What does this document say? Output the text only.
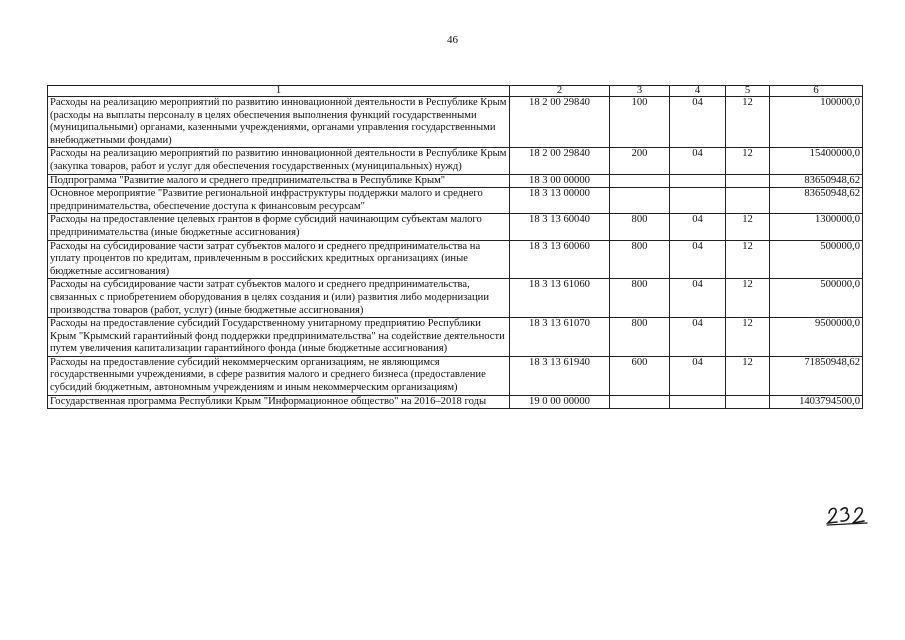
46
1	2	3	4	5	6
Расходы на реализацию мероприятий по развитию инновационной деятельности в Республике Крым (расходы на выплаты персоналу в целях обеспечения выполнения функций государственными (муниципальными) органами, казенными учреждениями, органами управления государственными внебюджетными фондами)	18 2 00 29840	100	04	12	100000,0
Расходы на реализацию мероприятий по развитию инновационной деятельности в Республике Крым (закупка товаров, работ и услуг для обеспечения государственных (муниципальных) нужд)	18 2 00 29840	200	04	12	15400000,0
Подпрограмма "Развитие малого и среднего предпринимательства в Республике Крым"	18 3 00 00000				83650948,62
Основное мероприятие "Развитие региональной инфраструктуры поддержки малого и среднего предпринимательства, обеспечение доступа к финансовым ресурсам"	18 3 13 00000				83650948,62
Расходы на предоставление целевых грантов в форме субсидий начинающим субъектам малого предпринимательства (иные бюджетные ассигнования)	18 3 13 60040	800	04	12	1300000,0
Расходы на субсидирование части затрат субъектов малого и среднего предпринимательства на уплату процентов по кредитам, привлеченным в российских кредитных организациях (иные бюджетные ассигнования)	18 3 13 60060	800	04	12	500000,0
Расходы на субсидирование части затрат субъектов малого и среднего предпринимательства, связанных с приобретением оборудования в целях создания и (или) развития либо модернизации производства товаров (работ, услуг) (иные бюджетные ассигнования)	18 3 13 61060	800	04	12	500000,0
Расходы на предоставление субсидий Государственному унитарному предприятию Республики Крым "Крымский гарантийный фонд поддержки предпринимательства" на содействие деятельности путем увеличения капитализации гарантийного фонда (иные бюджетные ассигнования)	18 3 13 61070	800	04	12	9500000,0
Расходы на предоставление субсидий некоммерческим организациям, не являющимся государственными учреждениями, в сфере развития малого и среднего бизнеса (предоставление субсидий бюджетным, автономным учреждениям и иным некоммерческим организациям)	18 3 13 61940	600	04	12	71850948,62
Государственная программа Республики Крым "Информационное общество" на 2016–2018 годы	19 0 00 00000				1403794500,0
